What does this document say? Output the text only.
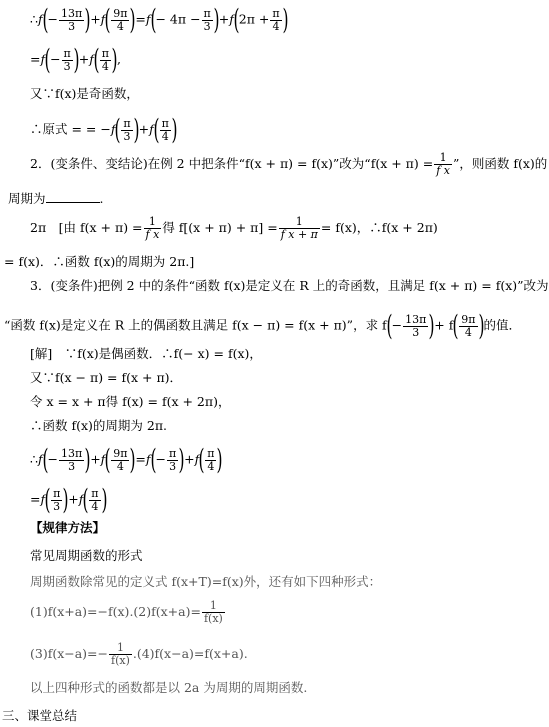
∴f(− $\frac{13\pi}{3} )+f( \frac{9\pi}{4} )=f(- 4\pi - \frac{\pi}{3} )+f(2\pi + \frac{\pi}{4}$ )
$=f(- \frac{\pi}{3} )+f( \frac{\pi}{4}$ ),
又∵f(x)是奇函数，
∴原式 = = $-f( \frac{\pi}{3} )+f( \frac{\pi}{4}$ )
2．(变条件、变结论)在例 2 中把条件“f(x + π) = f(x)”改为“$f(x + \pi) = \frac{1}{\text{f x}}$ ”，则函数 f(x)的
周期为	.
2π　[由 $f(x + \pi) = \frac{1}{\text{f x}}$ 得 $f[(x + \pi) + \pi] = \frac{1}{\text{f x + π}} = f(x)$，∴f(x + 2π)
= f(x)．∴函数 f(x)的周期为 2π.]
3．(变条件)把例 2 中的条件“函数 f(x)是定义在 R 上的奇函数，且满足 f(x + π) = f(x)”改为
“函数 f(x)是定义在 R 上的偶函数且满足 f(x − π) = f(x + π)”，求 $f(- \frac{13\pi}{3}$ )+ $f( \frac{9\pi}{4}$ )的值．
[解]　∵f(x)是偶函数．∴f(− x) = f(x)，
又∵f(x − π) = f(x + π)．
令 x = x + π得 f(x) = f(x + 2π)，
∴函数 f(x)的周期为 2π.
∴f(− $\frac{13\pi}{3} )+f( \frac{9\pi}{4} )=f(- \frac{\pi}{3} )+f( \frac{\pi}{4}$ )
$=f( \frac{\pi}{3} )+f( \frac{\pi}{4}$ )
【规律方法】
常见周期函数的形式
周期函数除常见的定义式 f(x+T)=f(x)外，还有如下四种形式：
$(1)f(x+a)=-f(x).(2)f(x+a)= \frac{1}{f(x)}$
$(3)f(x-a)=- \frac{1}{f(x)} .(4)f(x-a)=f(x+a)$.
以上四种形式的函数都是以 2a 为周期的周期函数.
三、课堂总结
